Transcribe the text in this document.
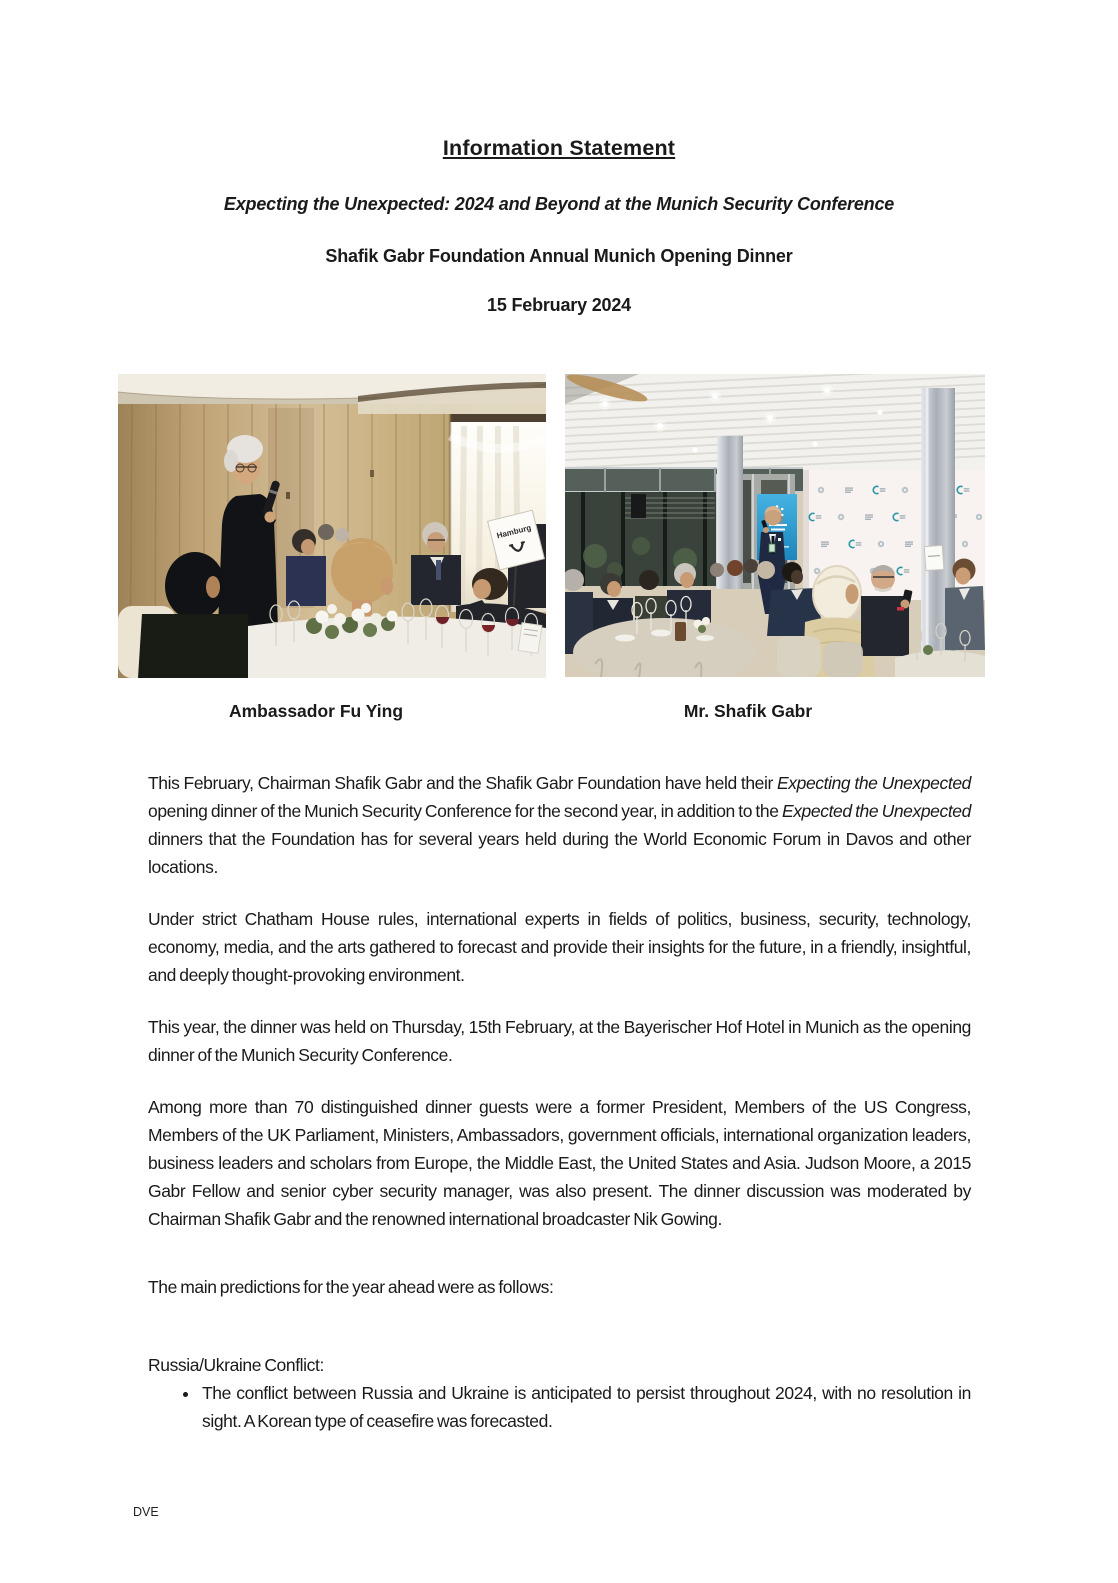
Information Statement
Expecting the Unexpected: 2024 and Beyond at the Munich Security Conference
Shafik Gabr Foundation Annual Munich Opening Dinner
15 February 2024
Hamburg
Ambassador Fu Ying	Mr. Shafik Gabr

This February, Chairman Shafik Gabr and the Shafik Gabr Foundation have held their Expecting the Unexpected opening dinner of the Munich Security Conference for the second year, in addition to the Expected the Unexpected dinners that the Foundation has for several years held during the World Economic Forum in Davos and other locations.

Under strict Chatham House rules, international experts in fields of politics, business, security, technology, economy, media, and the arts gathered to forecast and provide their insights for the future, in a friendly, insightful, and deeply thought-provoking environment.

This year, the dinner was held on Thursday, 15th February, at the Bayerischer Hof Hotel in Munich as the opening dinner of the Munich Security Conference.

Among more than 70 distinguished dinner guests were a former President, Members of the US Congress, Members of the UK Parliament, Ministers, Ambassadors, government officials, international organization leaders, business leaders and scholars from Europe, the Middle East, the United States and Asia. Judson Moore, a 2015 Gabr Fellow and senior cyber security manager, was also present. The dinner discussion was moderated by Chairman Shafik Gabr and the renowned international broadcaster Nik Gowing.

The main predictions for the year ahead were as follows:

Russia/Ukraine Conflict:

• The conflict between Russia and Ukraine is anticipated to persist throughout 2024, with no resolution in sight. A Korean type of ceasefire was forecasted.
DVE
